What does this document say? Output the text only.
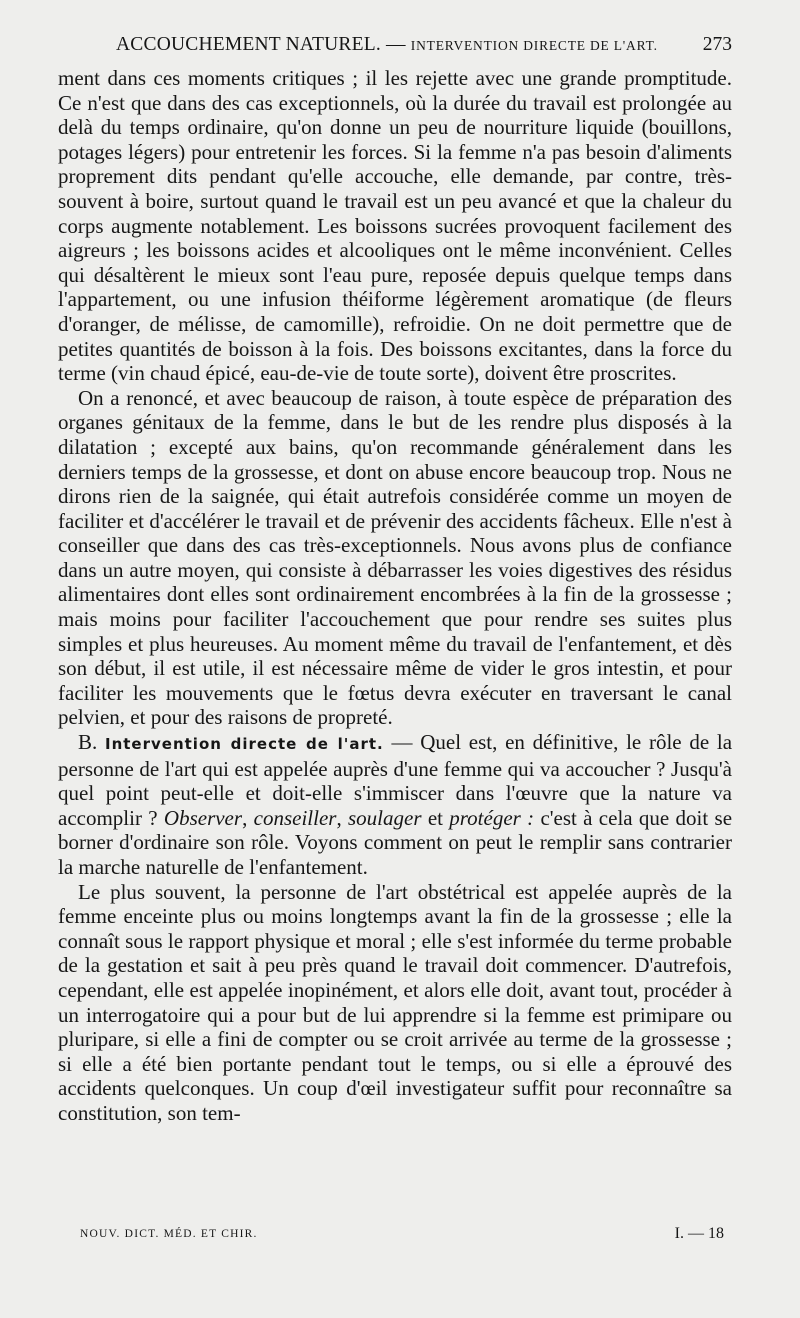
ACCOUCHEMENT NATUREL. — INTERVENTION DIRECTE DE L'ART. 273

ment dans ces moments critiques ; il les rejette avec une grande promptitude. Ce n'est que dans des cas exceptionnels, où la durée du travail est prolongée au delà du temps ordinaire, qu'on donne un peu de nourriture liquide (bouillons, potages légers) pour entretenir les forces. Si la femme n'a pas besoin d'aliments proprement dits pendant qu'elle accouche, elle demande, par contre, très-souvent à boire, surtout quand le travail est un peu avancé et que la chaleur du corps augmente notablement. Les boissons sucrées provoquent facilement des aigreurs ; les boissons acides et alcooliques ont le même inconvénient. Celles qui désaltèrent le mieux sont l'eau pure, reposée depuis quelque temps dans l'appartement, ou une infusion théiforme légèrement aromatique (de fleurs d'oranger, de mélisse, de camomille), refroidie. On ne doit permettre que de petites quantités de boisson à la fois. Des boissons excitantes, dans la force du terme (vin chaud épicé, eau-de-vie de toute sorte), doivent être proscrites.

On a renoncé, et avec beaucoup de raison, à toute espèce de préparation des organes génitaux de la femme, dans le but de les rendre plus disposés à la dilatation ; excepté aux bains, qu'on recommande généralement dans les derniers temps de la grossesse, et dont on abuse encore beaucoup trop. Nous ne dirons rien de la saignée, qui était autrefois considérée comme un moyen de faciliter et d'accélérer le travail et de prévenir des accidents fâcheux. Elle n'est à conseiller que dans des cas très-exceptionnels. Nous avons plus de confiance dans un autre moyen, qui consiste à débarrasser les voies digestives des résidus alimentaires dont elles sont ordinairement encombrées à la fin de la grossesse ; mais moins pour faciliter l'accouchement que pour rendre ses suites plus simples et plus heureuses. Au moment même du travail de l'enfantement, et dès son début, il est utile, il est nécessaire même de vider le gros intestin, et pour faciliter les mouvements que le fœtus devra exécuter en traversant le canal pelvien, et pour des raisons de propreté.

B. Intervention directe de l'art. — Quel est, en définitive, le rôle de la personne de l'art qui est appelée auprès d'une femme qui va accoucher ? Jusqu'à quel point peut-elle et doit-elle s'immiscer dans l'œuvre que la nature va accomplir ? Observer, conseiller, soulager et protéger : c'est à cela que doit se borner d'ordinaire son rôle. Voyons comment on peut le remplir sans contrarier la marche naturelle de l'enfantement.

Le plus souvent, la personne de l'art obstétrical est appelée auprès de la femme enceinte plus ou moins longtemps avant la fin de la grossesse ; elle la connaît sous le rapport physique et moral ; elle s'est informée du terme probable de la gestation et sait à peu près quand le travail doit commencer. D'autrefois, cependant, elle est appelée inopinément, et alors elle doit, avant tout, procéder à un interrogatoire qui a pour but de lui apprendre si la femme est primipare ou pluripare, si elle a fini de compter ou se croit arrivée au terme de la grossesse ; si elle a été bien portante pendant tout le temps, ou si elle a éprouvé des accidents quelconques. Un coup d'œil investigateur suffit pour reconnaître sa constitution, son tem-

NOUV. DICT. MÉD. ET CHIR.	I. — 18
